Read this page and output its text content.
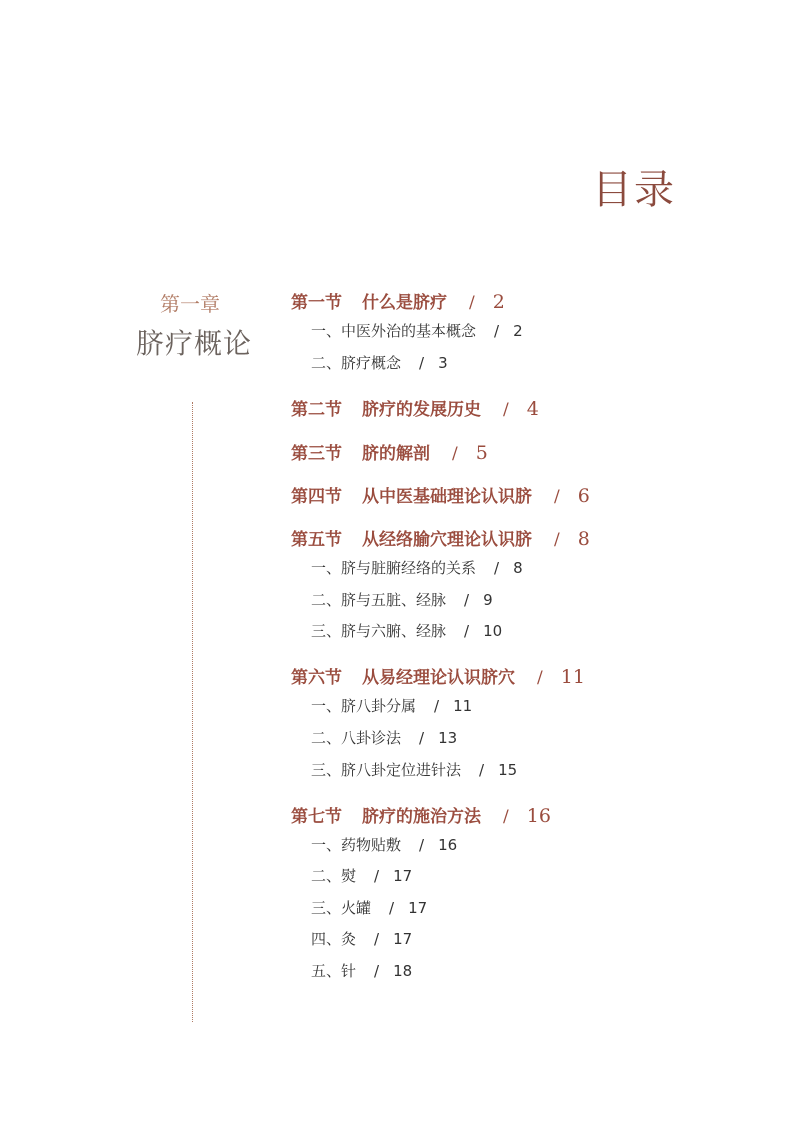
目录
第一章
脐疗概论
第一节 什么是脐疗 / 2
一、中医外治的基本概念 / 2
二、脐疗概念 / 3
第二节 脐疗的发展历史 / 4
第三节 脐的解剖 / 5
第四节 从中医基础理论认识脐 / 6
第五节 从经络腧穴理论认识脐 / 8
一、脐与脏腑经络的关系 / 8
二、脐与五脏、经脉 / 9
三、脐与六腑、经脉 / 10
第六节 从易经理论认识脐穴 / 11
一、脐八卦分属 / 11
二、八卦诊法 / 13
三、脐八卦定位进针法 / 15
第七节 脐疗的施治方法 / 16
一、药物贴敷 / 16
二、熨 / 17
三、火罐 / 17
四、灸 / 17
五、针 / 18
